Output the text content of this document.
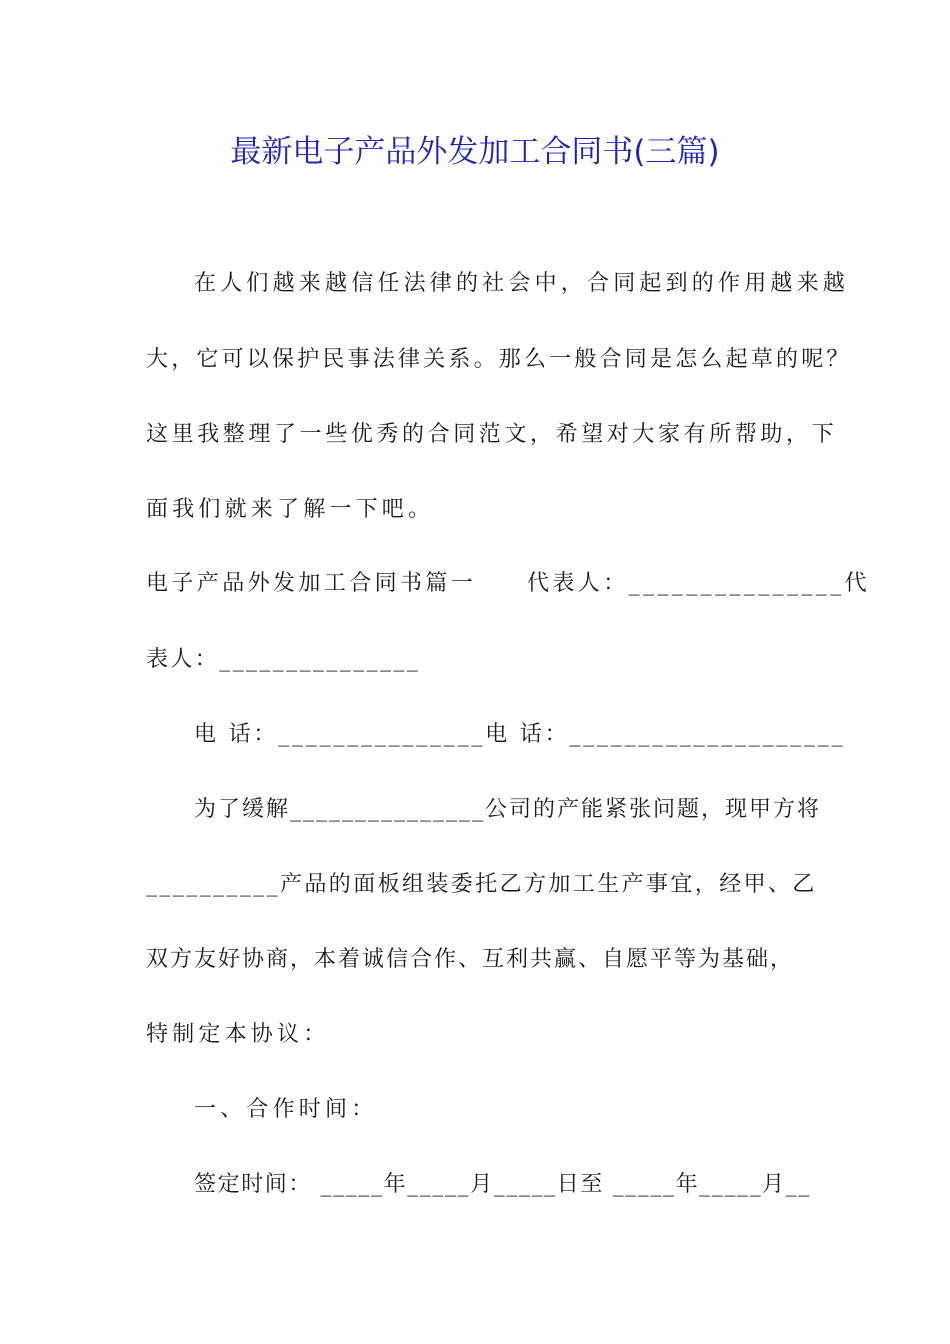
最新电子产品外发加工合同书(三篇)
在人们越来越信任法律的社会中，合同起到的作用越来越
大，它可以保护民事法律关系。那么一般合同是怎么起草的呢？
这里我整理了一些优秀的合同范文，希望对大家有所帮助，下
面我们就来了解一下吧。
电子产品外发加工合同书篇一　　代表人：_______________代
表人：_______________
电 话：_______________电 话：____________________
为了缓解_______________公司的产能紧张问题，现甲方将
__________产品的面板组装委托乙方加工生产事宜，经甲、乙
双方友好协商，本着诚信合作、互利共赢、自愿平等为基础，
特制定本协议：
一、合作时间：
签定时间： _____年_____月_____日至 _____年_____月__
